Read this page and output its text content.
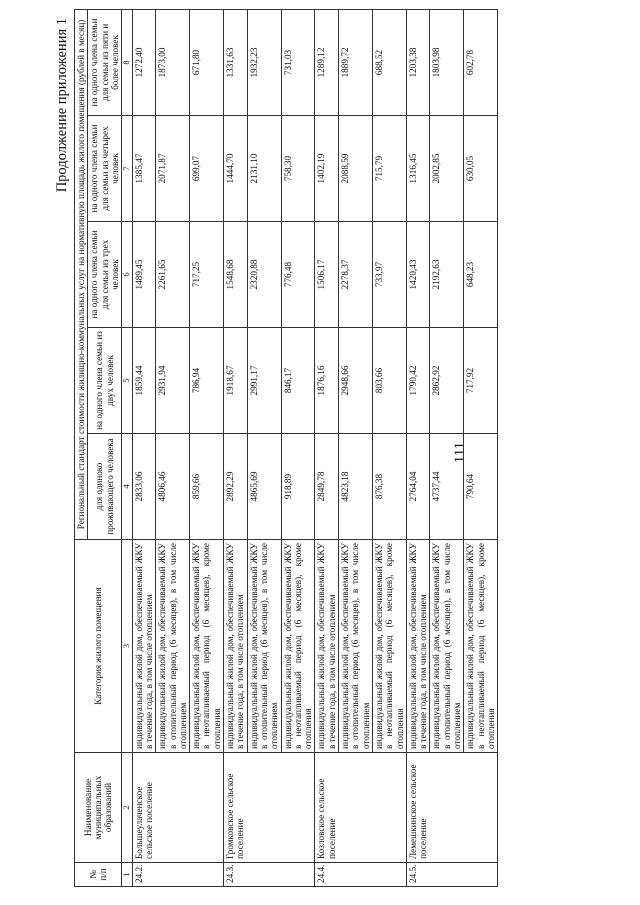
111
Продолжение приложения 1
№ п/п	Наименование муниципальных образований	Категория жилого помещения	Региональный стандарт стоимости жилищно-коммунальных услуг на нормативную площадь жилого помещения (рублей в месяц)				
			для одиноко проживающего человека	на одного члена семьи из двух человек	на одного члена семьи для семьи из трех человек	на одного члена семьи для семьи из четырех человек	на одного члена семьи для семьи из пяти и более человек
1	2	3	4	5	6	7	8
24.2.	Большеулаченское сельское поселение	индивидуальный жилой дом, обеспечиваемый ЖКУ в течение года, в том числе отоплением	2833,06	1859,44	1489,45	1385,47	1272,40
		индивидуальный жилой дом, обеспечиваемый ЖКУ в отопительный период (6 месяцев), в том числе отоплением	4806,46	2931,94	2261,65	2071,87	1873,00
		индивидуальный жилой дом, обеспечиваемый ЖКУ в неотапливаемый период (6 месяцев), кроме отопления	859,66	786,94	717,25	699,07	671,80
24.3.	Громковское сельское поселение	индивидуальный жилой дом, обеспечиваемый ЖКУ в течение года, в том числе отоплением	2892,29	1918,67	1548,68	1444,70	1331,63
		индивидуальный жилой дом, обеспечиваемый ЖКУ в отопительный период (6 месяцев), в том числе отоплением	4865,69	2991,17	2320,88	2131,10	1932,23
		индивидуальный жилой дом, обеспечиваемый ЖКУ в неотапливаемый период (6 месяцев), кроме отопления	918,89	846,17	776,48	758,30	731,03
24.4.	Козловское сельское поселение	индивидуальный жилой дом, обеспечиваемый ЖКУ в течение года, в том числе отоплением	2849,78	1876,16	1506,17	1402,19	1289,12
		индивидуальный жилой дом, обеспечиваемый ЖКУ в отопительный период (6 месяцев), в том числе отоплением	4823,18	2948,66	2278,37	2088,59	1889,72
		индивидуальный жилой дом, обеспечиваемый ЖКУ в неотапливаемый период (6 месяцев), кроме отопления	876,38	803,66	733,97	715,79	688,52
24.5.	Лемешкинское сельское поселение	индивидуальный жилой дом, обеспечиваемый ЖКУ в течение года, в том числе отоплением	2764,04	1790,42	1420,43	1316,45	1203,38
		индивидуальный жилой дом, обеспечиваемый ЖКУ в отопительный период (6 месяцев), в том числе отоплением	4737,44	2862,92	2192,63	2002,85	1803,98
		индивидуальный жилой дом, обеспечиваемый ЖКУ в неотапливаемый период (6 месяцев), кроме отопления	790,64	717,92	648,23	630,05	602,78
